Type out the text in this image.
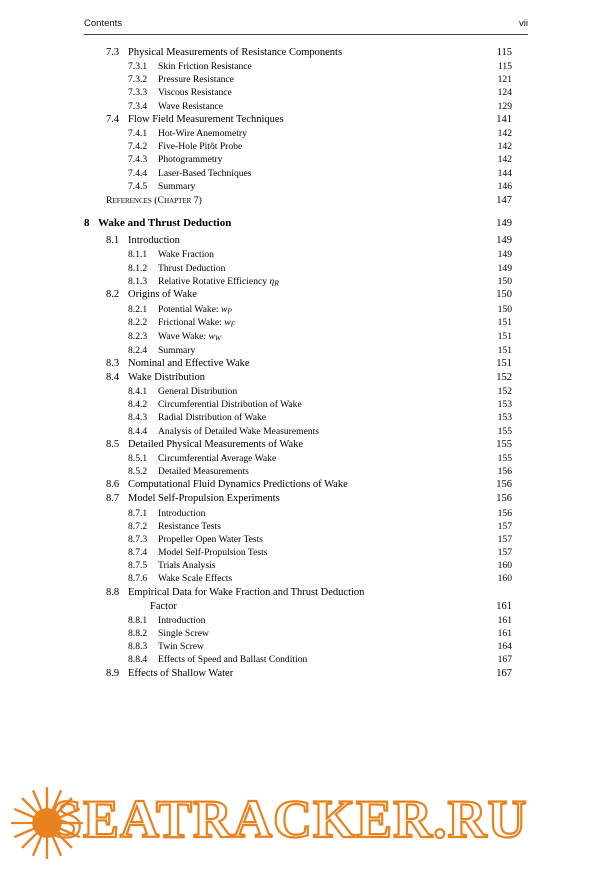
Contents	vii
7.3 Physical Measurements of Resistance Components	115
7.3.1	Skin Friction Resistance	115
7.3.2	Pressure Resistance	121
7.3.3	Viscous Resistance	124
7.3.4	Wave Resistance	129
7.4 Flow Field Measurement Techniques	141
7.4.1	Hot-Wire Anemometry	142
7.4.2	Five-Hole Pitôt Probe	142
7.4.3	Photogrammetry	142
7.4.4	Laser-Based Techniques	144
7.4.5	Summary	146
References (Chapter 7)	147
8 Wake and Thrust Deduction	149
8.1 Introduction	149
8.1.1	Wake Fraction	149
8.1.2	Thrust Deduction	149
8.1.3	Relative Rotative Efficiency $\eta_R$	150
8.2 Origins of Wake	150
8.2.1	Potential Wake: $w_P$	150
8.2.2	Frictional Wake: $w_F$	151
8.2.3	Wave Wake: $w_W$	151
8.2.4	Summary	151
8.3 Nominal and Effective Wake	151
8.4 Wake Distribution	152
8.4.1	General Distribution	152
8.4.2	Circumferential Distribution of Wake	153
8.4.3	Radial Distribution of Wake	153
8.4.4	Analysis of Detailed Wake Measurements	155
8.5 Detailed Physical Measurements of Wake	155
8.5.1	Circumferential Average Wake	155
8.5.2	Detailed Measurements	156
8.6 Computational Fluid Dynamics Predictions of Wake	156
8.7 Model Self-Propulsion Experiments	156
8.7.1	Introduction	156
8.7.2	Resistance Tests	157
8.7.3	Propeller Open Water Tests	157
8.7.4	Model Self-Propulsion Tests	157
8.7.5	Trials Analysis	160
8.7.6	Wake Scale Effects	160
8.8 Empirical Data for Wake Fraction and Thrust Deduction
Factor	161
8.8.1	Introduction	161
8.8.2	Single Screw	161
8.8.3	Twin Screw	164
8.8.4	Effects of Speed and Ballast Condition	167
8.9 Effects of Shallow Water	167
SEATRACKER.RU
